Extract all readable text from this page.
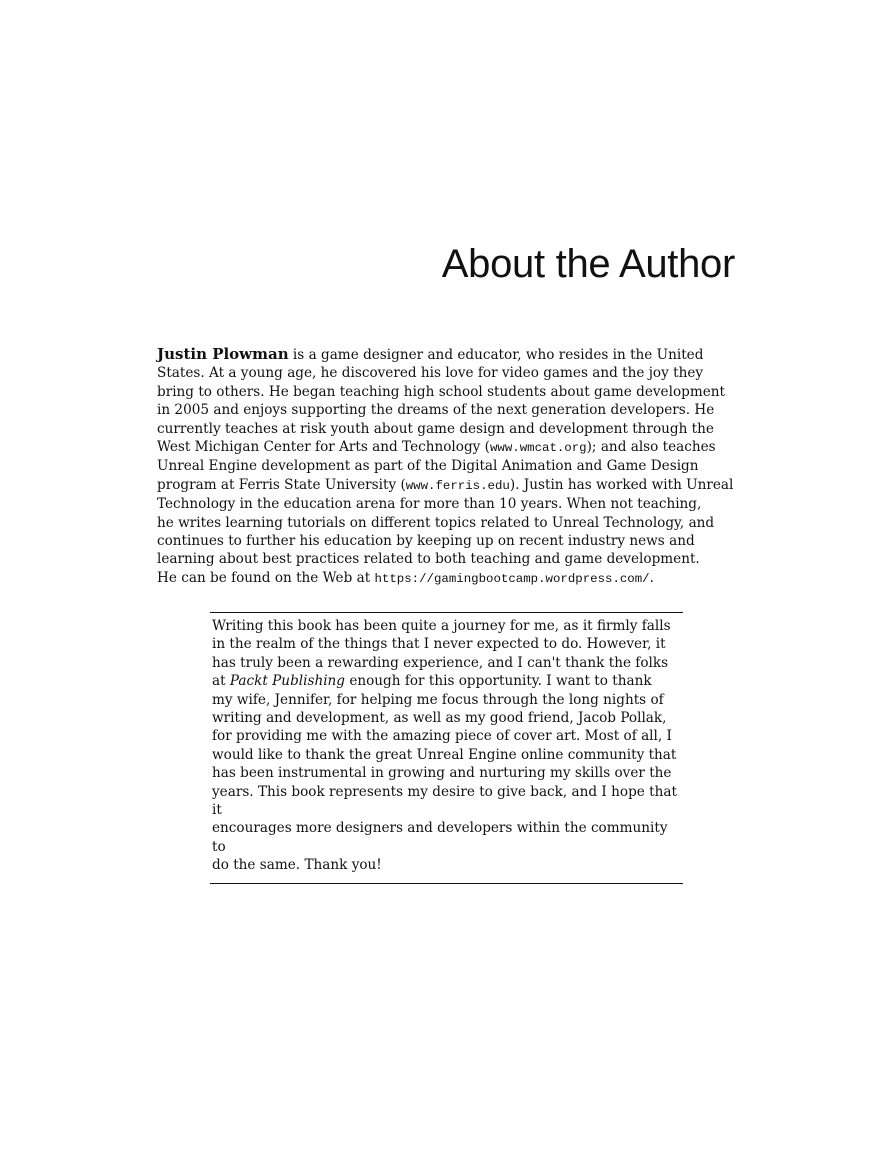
About the Author

Justin Plowman is a game designer and educator, who resides in the United
States. At a young age, he discovered his love for video games and the joy they
bring to others. He began teaching high school students about game development
in 2005 and enjoys supporting the dreams of the next generation developers. He
currently teaches at risk youth about game design and development through the
West Michigan Center for Arts and Technology (www.wmcat.org); and also teaches
Unreal Engine development as part of the Digital Animation and Game Design
program at Ferris State University (www.ferris.edu). Justin has worked with Unreal
Technology in the education arena for more than 10 years. When not teaching,
he writes learning tutorials on different topics related to Unreal Technology, and
continues to further his education by keeping up on recent industry news and
learning about best practices related to both teaching and game development.
He can be found on the Web at https://gamingbootcamp.wordpress.com/.

Writing this book has been quite a journey for me, as it firmly falls
in the realm of the things that I never expected to do. However, it
has truly been a rewarding experience, and I can't thank the folks
at Packt Publishing enough for this opportunity. I want to thank
my wife, Jennifer, for helping me focus through the long nights of
writing and development, as well as my good friend, Jacob Pollak,
for providing me with the amazing piece of cover art. Most of all, I
would like to thank the great Unreal Engine online community that
has been instrumental in growing and nurturing my skills over the
years. This book represents my desire to give back, and I hope that it
encourages more designers and developers within the community to
do the same. Thank you!
